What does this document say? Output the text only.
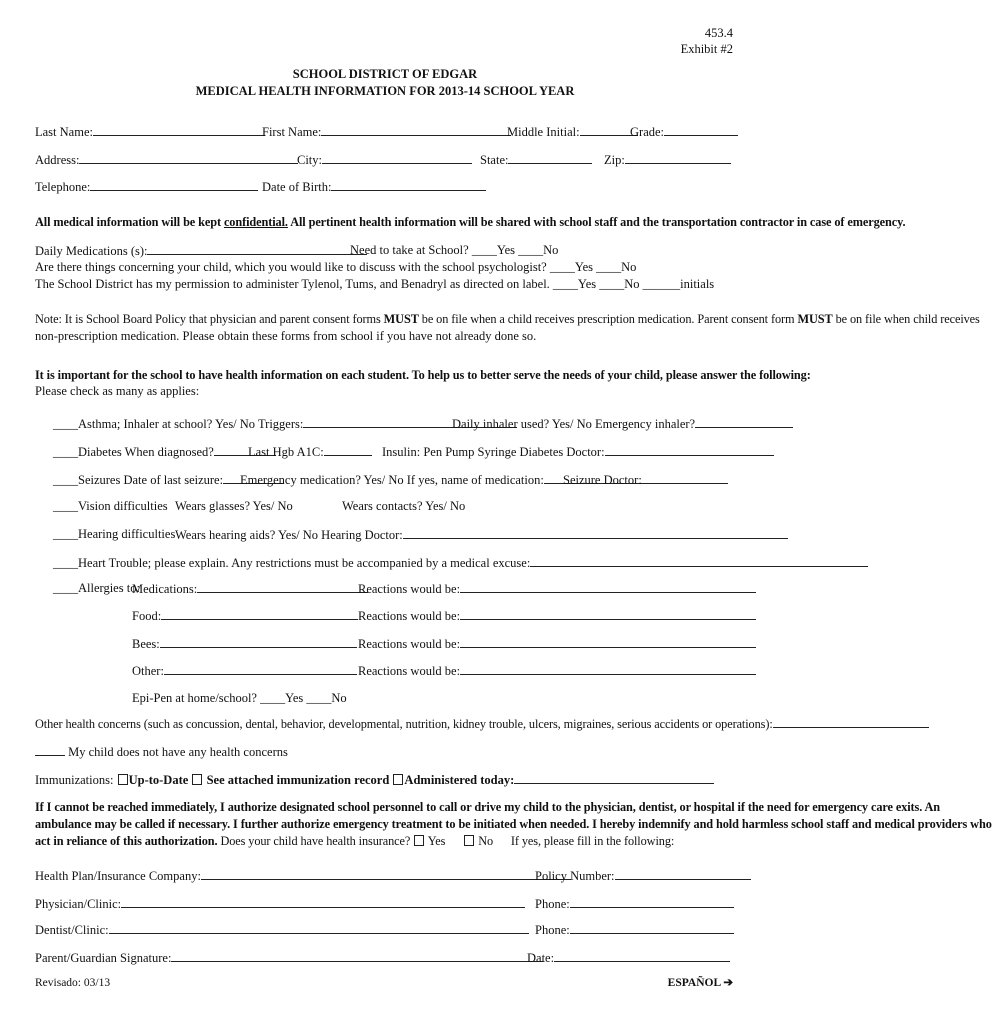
453.4
Exhibit #2
SCHOOL DISTRICT OF EDGAR
MEDICAL HEALTH INFORMATION FOR 2013-14 SCHOOL YEAR
Last Name:	First Name:	Middle Initial:	Grade:
Address:	City:	State:	Zip:
Telephone:	Date of Birth:
All medical information will be kept confidential. All pertinent health information will be shared with school staff and the transportation contractor in case of emergency.
Daily Medications (s):	Need to take at School? ____Yes ____No
Are there things concerning your child, which you would like to discuss with the school psychologist? ____Yes ____No
The School District has my permission to administer Tylenol, Tums, and Benadryl as directed on label. ____Yes ____No ______initials
Note: It is School Board Policy that physician and parent consent forms MUST be on file when a child receives prescription medication. Parent consent form MUST be on file when child receives
non-prescription medication. Please obtain these forms from school if you have not already done so.
It is important for the school to have health information on each student. To help us to better serve the needs of your child, please answer the following:
Please check as many as applies:
____Asthma; Inhaler at school? Yes/ No Triggers:	Daily inhaler used? Yes/ No Emergency inhaler?
____Diabetes When diagnosed?	Last Hgb A1C:	Insulin: Pen Pump Syringe Diabetes Doctor:
____Seizures Date of last seizure:	Emergency medication? Yes/ No If yes, name of medication:	Seizure Doctor:
____Vision difficulties Wears glasses? Yes/ No	Wears contacts? Yes/ No
____Hearing difficulties Wears hearing aids? Yes/ No Hearing Doctor:
____Heart Trouble; please explain. Any restrictions must be accompanied by a medical excuse:
____Allergies to:
Medications:	Reactions would be:
Food:	Reactions would be:
Bees:	Reactions would be:
Other:	Reactions would be:
Epi-Pen at home/school? ____Yes ____No
Other health concerns (such as concussion, dental, behavior, developmental, nutrition, kidney trouble, ulcers, migraines, serious accidents or operations):
My child does not have any health concerns
Immunizations: Up-to-Date  See attached immunization record Administered today:
If I cannot be reached immediately, I authorize designated school personnel to call or drive my child to the physician, dentist, or hospital if the need for emergency care exits. An
ambulance may be called if necessary. I further authorize emergency treatment to be initiated when needed. I hereby indemnify and hold harmless school staff and medical providers who
act in reliance of this authorization. Does your child have health insurance?  Yes       No If yes, please fill in the following:
Health Plan/Insurance Company:	Policy Number:
Physician/Clinic:	Phone:
Dentist/Clinic:	Phone:
Parent/Guardian Signature:	Date:
Revisado: 03/13	ESPAÑOL ➔
